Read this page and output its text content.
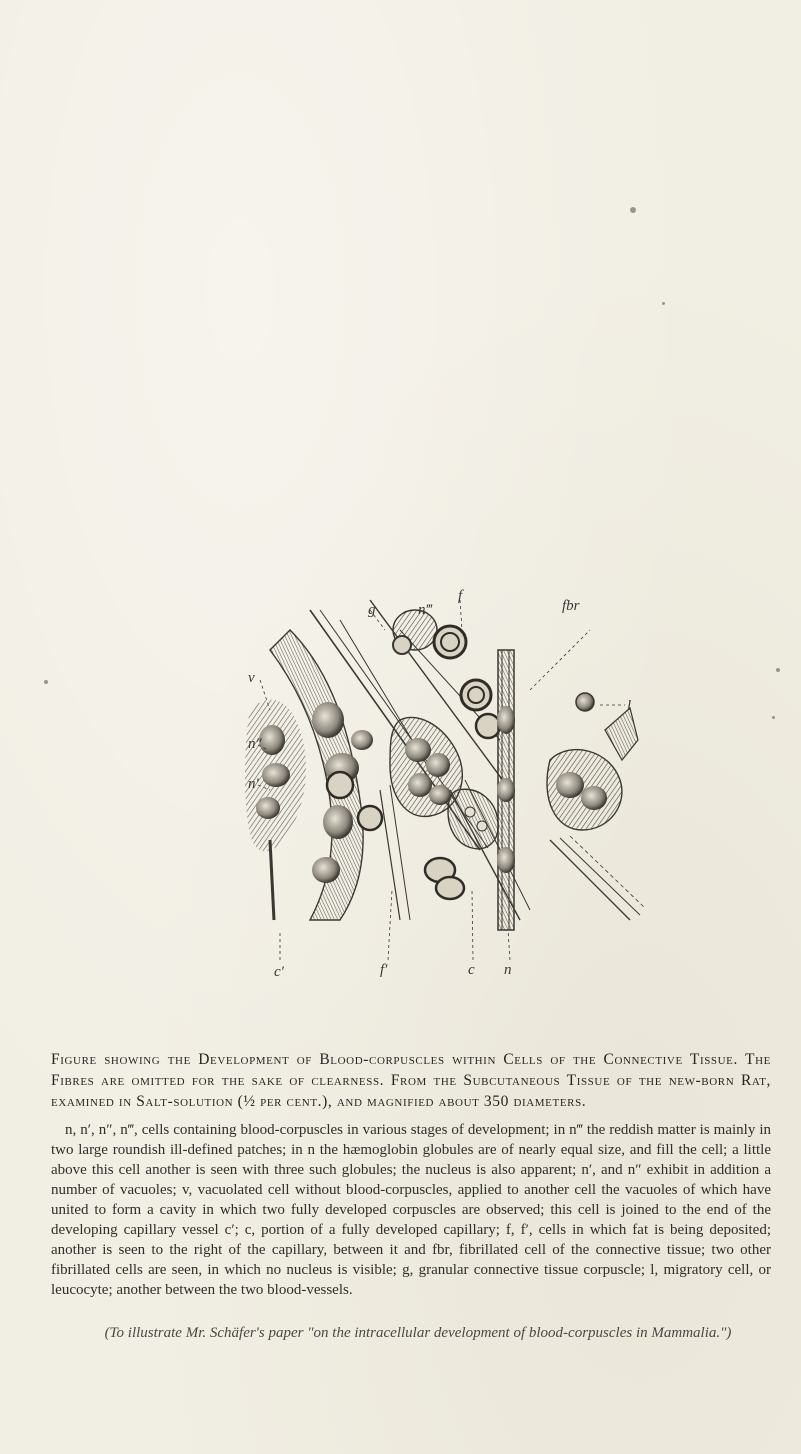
f
g	n‴	fbr
l
v
n″
n′
c′	f′	c n

Figure showing the Development of Blood-corpuscles within Cells of the Connective Tissue. The Fibres are omitted for the sake of clearness. From the Subcutaneous Tissue of the new-born Rat, examined in Salt-solution (½ per cent.), and magnified about 350 diameters.

n, n′, n″, n‴, cells containing blood-corpuscles in various stages of development; in n‴ the reddish matter is mainly in two large roundish ill-defined patches; in n the hæmoglobin globules are of nearly equal size, and fill the cell; a little above this cell another is seen with three such globules; the nucleus is also apparent; n′, and n″ exhibit in addition a number of vacuoles; v, vacuolated cell without blood-corpuscles, applied to another cell the vacuoles of which have united to form a cavity in which two fully developed corpuscles are observed; this cell is joined to the end of the developing capillary vessel c′; c, portion of a fully developed capillary; f, f′, cells in which fat is being deposited; another is seen to the right of the capillary, between it and fbr, fibrillated cell of the connective tissue; two other fibrillated cells are seen, in which no nucleus is visible; g, granular connective tissue corpuscle; l, migratory cell, or leucocyte; another between the two blood-vessels.

(To illustrate Mr. Schäfer's paper "on the intracellular development of blood-corpuscles in Mammalia.")
